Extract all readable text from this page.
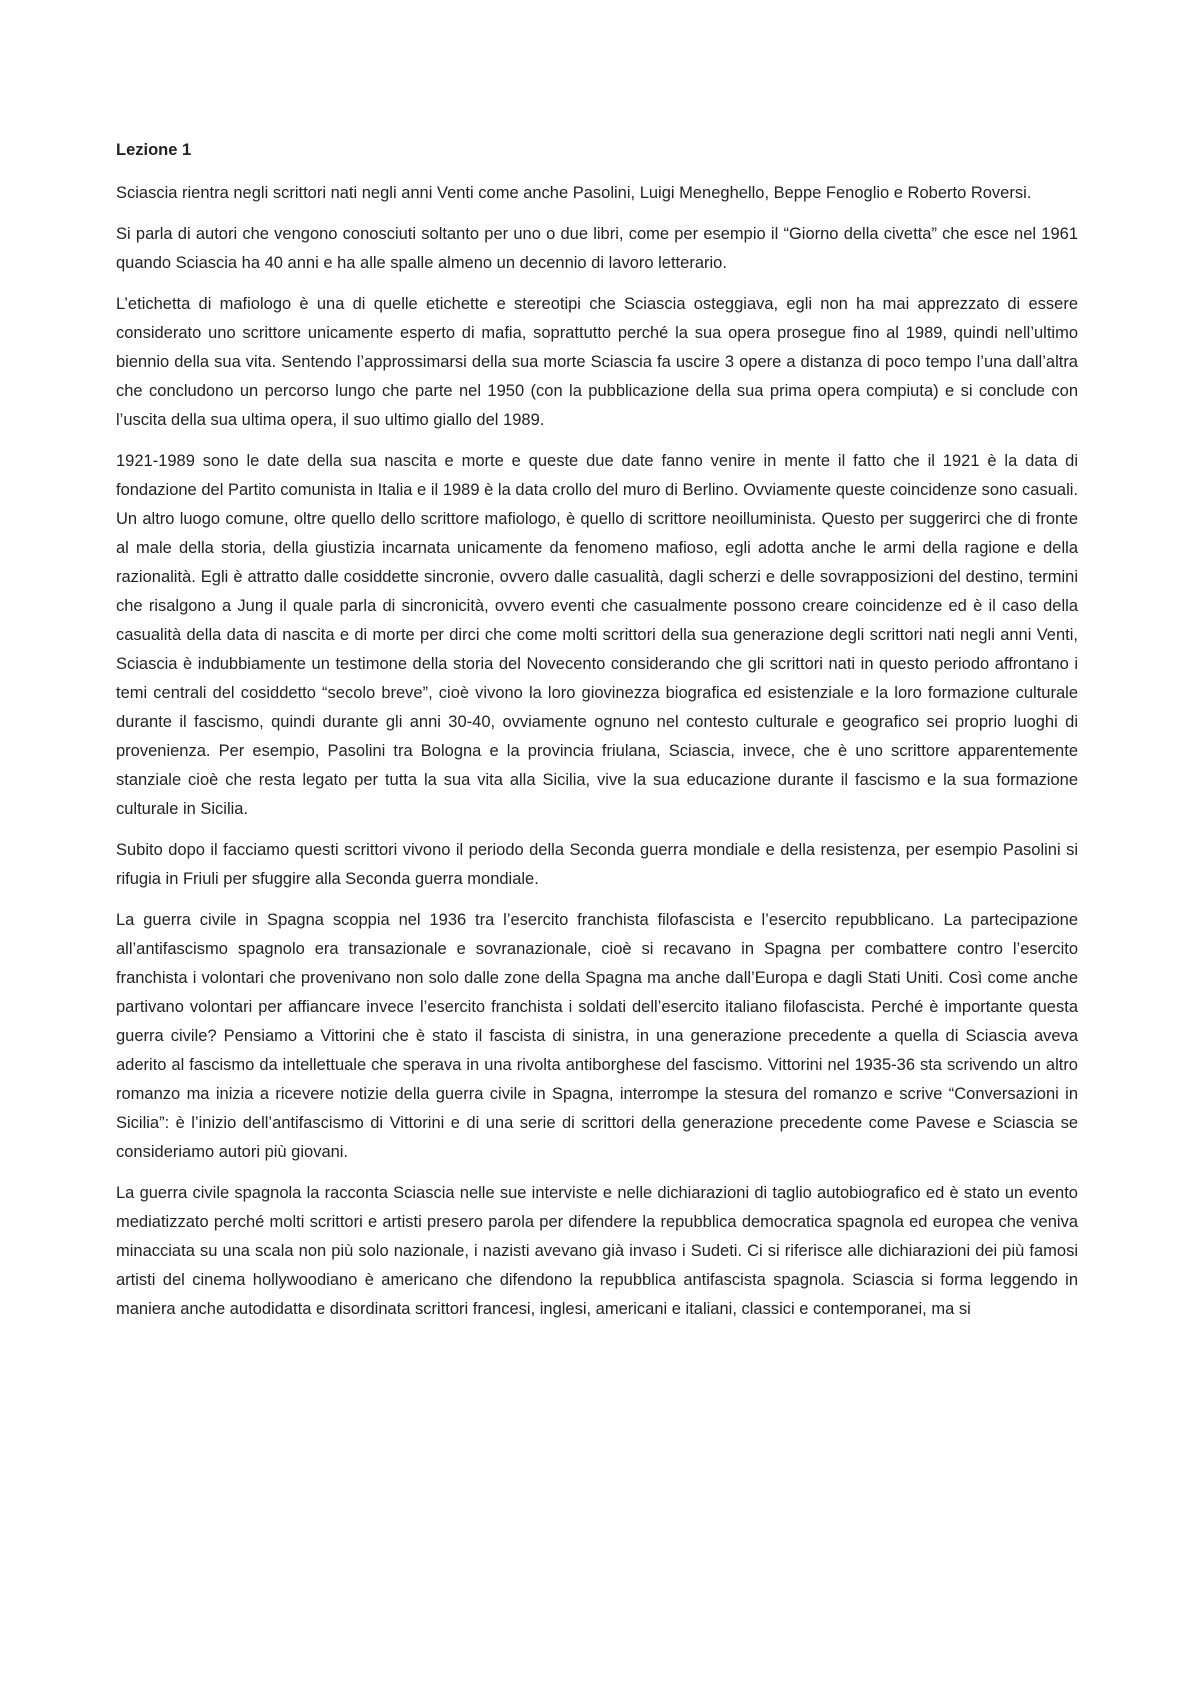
Lezione 1

Sciascia rientra negli scrittori nati negli anni Venti come anche Pasolini, Luigi Meneghello, Beppe Fenoglio e Roberto Roversi.

Si parla di autori che vengono conosciuti soltanto per uno o due libri, come per esempio il “Giorno della civetta” che esce nel 1961 quando Sciascia ha 40 anni e ha alle spalle almeno un decennio di lavoro letterario.

L’etichetta di mafiologo è una di quelle etichette e stereotipi che Sciascia osteggiava, egli non ha mai apprezzato di essere considerato uno scrittore unicamente esperto di mafia, soprattutto perché la sua opera prosegue fino al 1989, quindi nell’ultimo biennio della sua vita. Sentendo l’approssimarsi della sua morte Sciascia fa uscire 3 opere a distanza di poco tempo l’una dall’altra che concludono un percorso lungo che parte nel 1950 (con la pubblicazione della sua prima opera compiuta) e si conclude con l’uscita della sua ultima opera, il suo ultimo giallo del 1989.

1921-1989 sono le date della sua nascita e morte e queste due date fanno venire in mente il fatto che il 1921 è la data di fondazione del Partito comunista in Italia e il 1989 è la data crollo del muro di Berlino. Ovviamente queste coincidenze sono casuali. Un altro luogo comune, oltre quello dello scrittore mafiologo, è quello di scrittore neoilluminista. Questo per suggerirci che di fronte al male della storia, della giustizia incarnata unicamente da fenomeno mafioso, egli adotta anche le armi della ragione e della razionalità. Egli è attratto dalle cosiddette sincronie, ovvero dalle casualità, dagli scherzi e delle sovrapposizioni del destino, termini che risalgono a Jung il quale parla di sincronicità, ovvero eventi che casualmente possono creare coincidenze ed è il caso della casualità della data di nascita e di morte per dirci che come molti scrittori della sua generazione degli scrittori nati negli anni Venti, Sciascia è indubbiamente un testimone della storia del Novecento considerando che gli scrittori nati in questo periodo affrontano i temi centrali del cosiddetto “secolo breve”, cioè vivono la loro giovinezza biografica ed esistenziale e la loro formazione culturale durante il fascismo, quindi durante gli anni 30-40, ovviamente ognuno nel contesto culturale e geografico sei proprio luoghi di provenienza. Per esempio, Pasolini tra Bologna e la provincia friulana, Sciascia, invece, che è uno scrittore apparentemente stanziale cioè che resta legato per tutta la sua vita alla Sicilia, vive la sua educazione durante il fascismo e la sua formazione culturale in Sicilia.

Subito dopo il facciamo questi scrittori vivono il periodo della Seconda guerra mondiale e della resistenza, per esempio Pasolini si rifugia in Friuli per sfuggire alla Seconda guerra mondiale.

La guerra civile in Spagna scoppia nel 1936 tra l’esercito franchista filofascista e l’esercito repubblicano. La partecipazione all’antifascismo spagnolo era transazionale e sovranazionale, cioè si recavano in Spagna per combattere contro l’esercito franchista i volontari che provenivano non solo dalle zone della Spagna ma anche dall’Europa e dagli Stati Uniti. Così come anche partivano volontari per affiancare invece l’esercito franchista i soldati dell’esercito italiano filofascista. Perché è importante questa guerra civile? Pensiamo a Vittorini che è stato il fascista di sinistra, in una generazione precedente a quella di Sciascia aveva aderito al fascismo da intellettuale che sperava in una rivolta antiborghese del fascismo. Vittorini nel 1935-36 sta scrivendo un altro romanzo ma inizia a ricevere notizie della guerra civile in Spagna, interrompe la stesura del romanzo e scrive “Conversazioni in Sicilia”: è l’inizio dell’antifascismo di Vittorini e di una serie di scrittori della generazione precedente come Pavese e Sciascia se consideriamo autori più giovani.

La guerra civile spagnola la racconta Sciascia nelle sue interviste e nelle dichiarazioni di taglio autobiografico ed è stato un evento mediatizzato perché molti scrittori e artisti presero parola per difendere la repubblica democratica spagnola ed europea che veniva minacciata su una scala non più solo nazionale, i nazisti avevano già invaso i Sudeti. Ci si riferisce alle dichiarazioni dei più famosi artisti del cinema hollywoodiano è americano che difendono la repubblica antifascista spagnola. Sciascia si forma leggendo in maniera anche autodidatta e disordinata scrittori francesi, inglesi, americani e italiani, classici e contemporanei, ma si
